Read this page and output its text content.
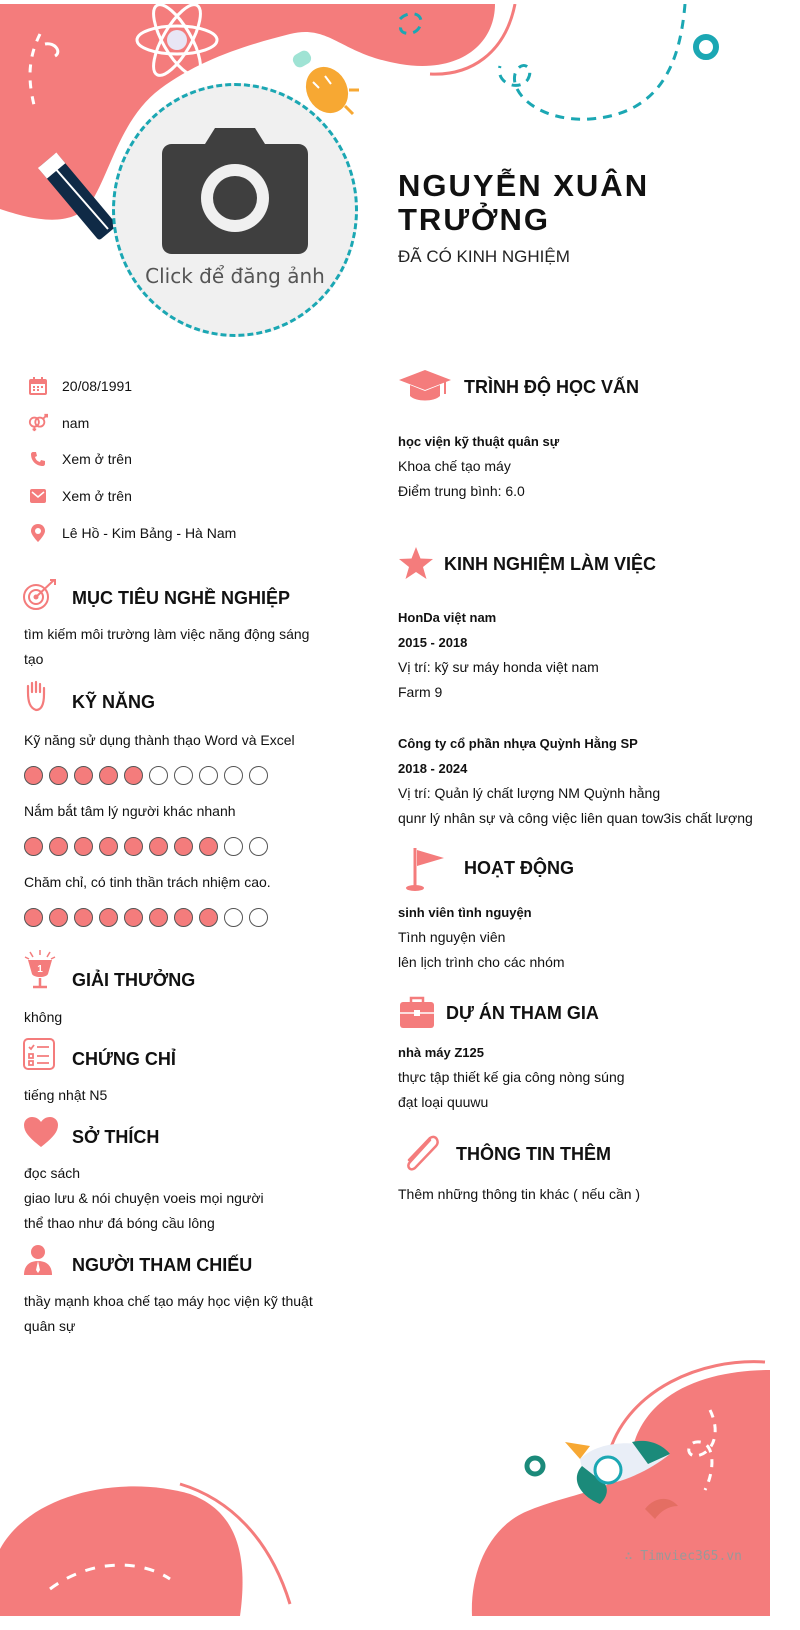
Click để đăng ảnh
NGUYỄN XUÂN
TRƯỞNG
ĐÃ CÓ KINH NGHIỆM
20/08/1991
nam
Xem ở trên
Xem ở trên
Lê Hồ - Kim Bảng - Hà Nam
MỤC TIÊU NGHỀ NGHIỆP
tìm kiếm môi trường làm việc năng động sáng
tạo
KỸ NĂNG
Kỹ năng sử dụng thành thạo Word và Excel
Nắm bắt tâm lý người khác nhanh
Chăm chỉ, có tinh thần trách nhiệm cao.
1
GIẢI THƯỞNG
không
CHỨNG CHỈ
tiếng nhật N5
SỞ THÍCH
đọc sách
giao lưu & nói chuyện voeis mọi người
thể thao như đá bóng cầu lông
NGƯỜI THAM CHIẾU
thầy mạnh khoa chế tạo máy học viện kỹ thuật
quân sự
TRÌNH ĐỘ HỌC VẤN
học viện kỹ thuật quân sự
Khoa chế tạo máy
Điểm trung bình: 6.0
KINH NGHIỆM LÀM VIỆC
HonDa việt nam
2015 - 2018
Vị trí: kỹ sư máy honda việt nam
Farm 9
Công ty cổ phần nhựa Quỳnh Hằng SP
2018 - 2024
Vị trí: Quản lý chất lượng NM Quỳnh hằng
qunr lý nhân sự và công việc liên quan tow3is chất lượng
HOẠT ĐỘNG
sinh viên tình nguyện
Tình nguyện viên
lên lịch trình cho các nhóm
DỰ ÁN THAM GIA
nhà máy Z125
thực tập thiết kế gia công nòng súng
đạt loại quuwu
THÔNG TIN THÊM
Thêm những thông tin khác ( nếu cần )
∴ Timviec365.vn
